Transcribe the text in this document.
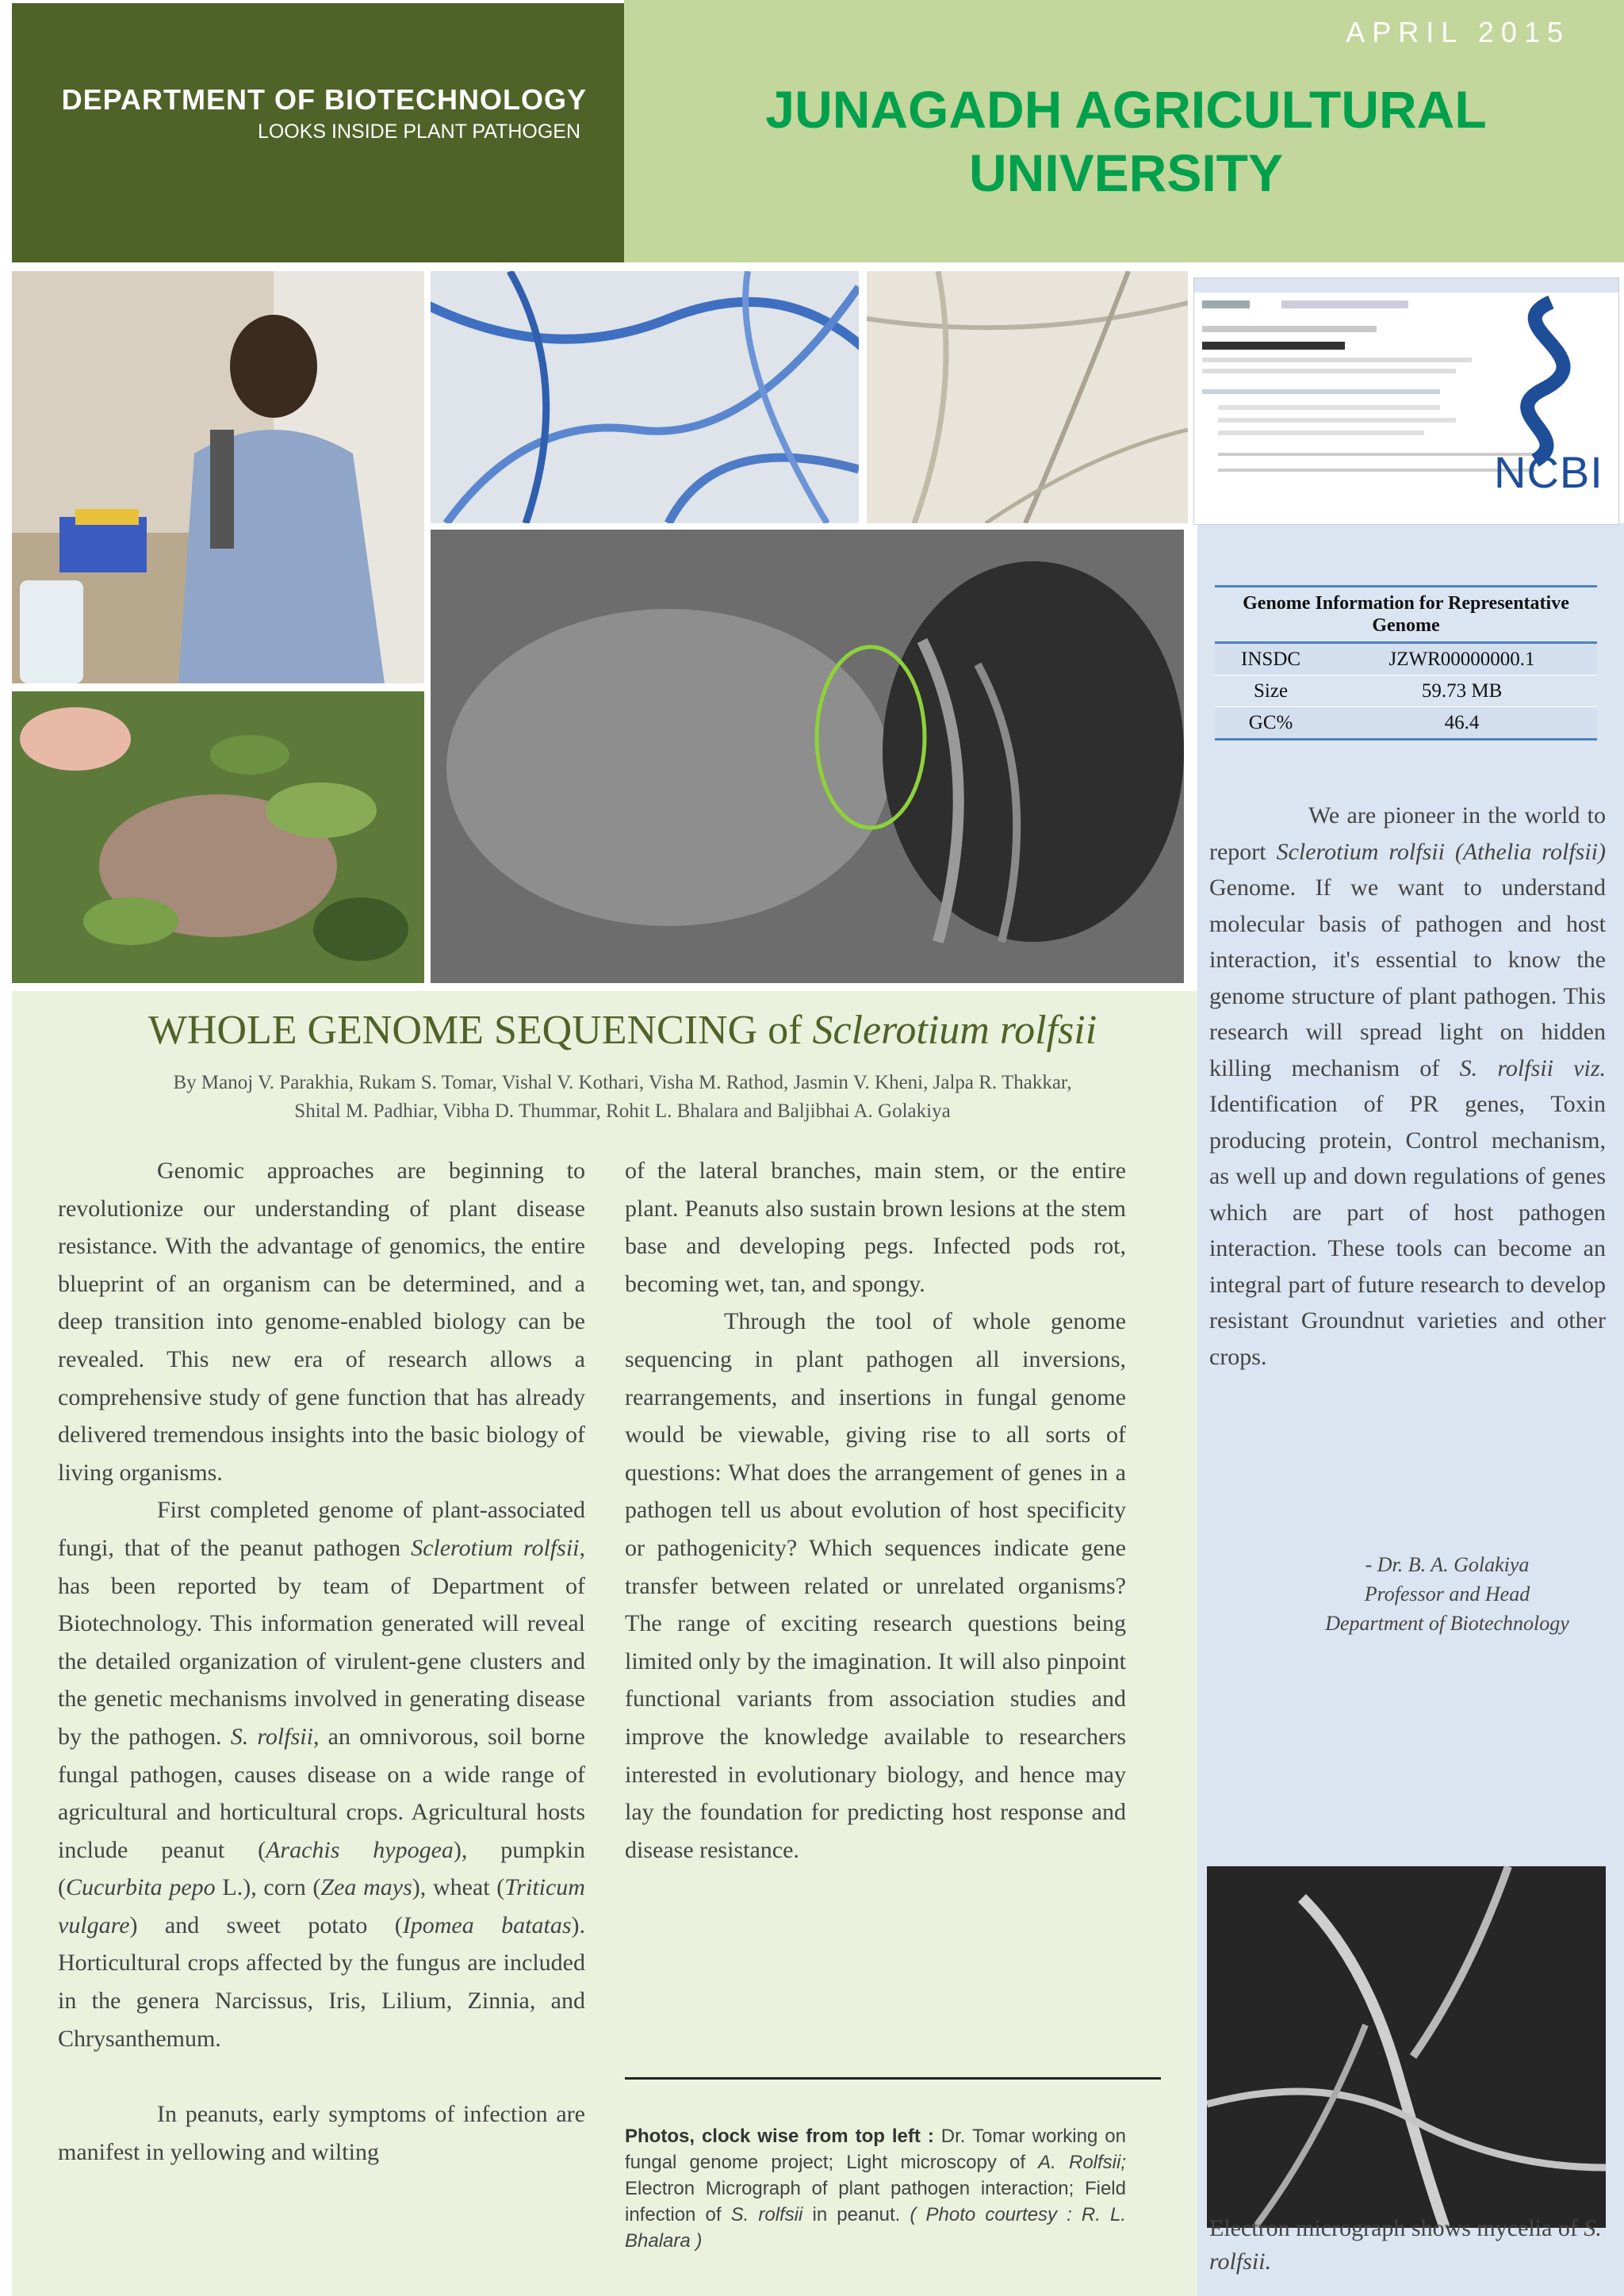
DEPARTMENT OF BIOTECHNOLOGY
LOOKS INSIDE PLANT PATHOGEN
APRIL 2015
JUNAGADH AGRICULTURAL
UNIVERSITY
NCBI
Genome Information for Representative Genome
INSDC	JZWR00000000.1
Size	59.73 MB
GC%	46.4
WHOLE GENOME SEQUENCING of Sclerotium rolfsii
By Manoj V. Parakhia, Rukam S. Tomar, Vishal V. Kothari, Visha M. Rathod, Jasmin V. Kheni, Jalpa R. Thakkar,
Shital M. Padhiar, Vibha D. Thummar, Rohit L. Bhalara and Baljibhai A. Golakiya

Genomic approaches are beginning to revolutionize our understanding of plant disease resistance. With the advantage of genomics, the entire blueprint of an organism can be determined, and a deep transition into genome-enabled biology can be revealed. This new era of research allows a comprehensive study of gene function that has already delivered tremendous insights into the basic biology of living organisms.

First completed genome of plant-associated fungi, that of the peanut pathogen Sclerotium rolfsii, has been reported by team of Department of Biotechnology. This information generated will reveal the detailed organization of virulent-gene clusters and the genetic mechanisms involved in generating disease by the pathogen. S. rolfsii, an omnivorous, soil borne fungal pathogen, causes disease on a wide range of agricultural and horticultural crops. Agricultural hosts include peanut (Arachis hypogea), pumpkin (Cucurbita pepo L.), corn (Zea mays), wheat (Triticum vulgare) and sweet potato (Ipomea batatas). Horticultural crops affected by the fungus are included in the genera Narcissus, Iris, Lilium, Zinnia, and Chrysanthemum.

In peanuts, early symptoms of infection are manifest in yellowing and wilting

of the lateral branches, main stem, or the entire plant. Peanuts also sustain brown lesions at the stem base and developing pegs. Infected pods rot, becoming wet, tan, and spongy.

Through the tool of whole genome sequencing in plant pathogen all inversions, rearrangements, and insertions in fungal genome would be viewable, giving rise to all sorts of questions: What does the arrangement of genes in a pathogen tell us about evolution of host specificity or pathogenicity? Which sequences indicate gene transfer between related or unrelated organisms? The range of exciting research questions being limited only by the imagination. It will also pinpoint functional variants from association studies and improve the knowledge available to researchers interested in evolutionary biology, and hence may lay the foundation for predicting host response and disease resistance.

Photos, clock wise from top left : Dr. Tomar working on fungal genome project; Light microscopy of A. Rolfsii; Electron Micrograph of plant pathogen interaction; Field infection of S. rolfsii in peanut. ( Photo courtesy : R. L. Bhalara )
We are pioneer in the world to report Sclerotium rolfsii (Athelia rolfsii) Genome. If we want to understand molecular basis of pathogen and host interaction, it's essential to know the genome structure of plant pathogen. This research will spread light on hidden killing mechanism of S. rolfsii viz. Identification of PR genes, Toxin producing protein, Control mechanism, as well up and down regulations of genes which are part of host pathogen interaction. These tools can become an integral part of future research to develop resistant Groundnut varieties and other crops.
- Dr. B. A. Golakiya
Professor and Head
Department of Biotechnology
Electron micrograph shows mycelia of S. rolfsii.
